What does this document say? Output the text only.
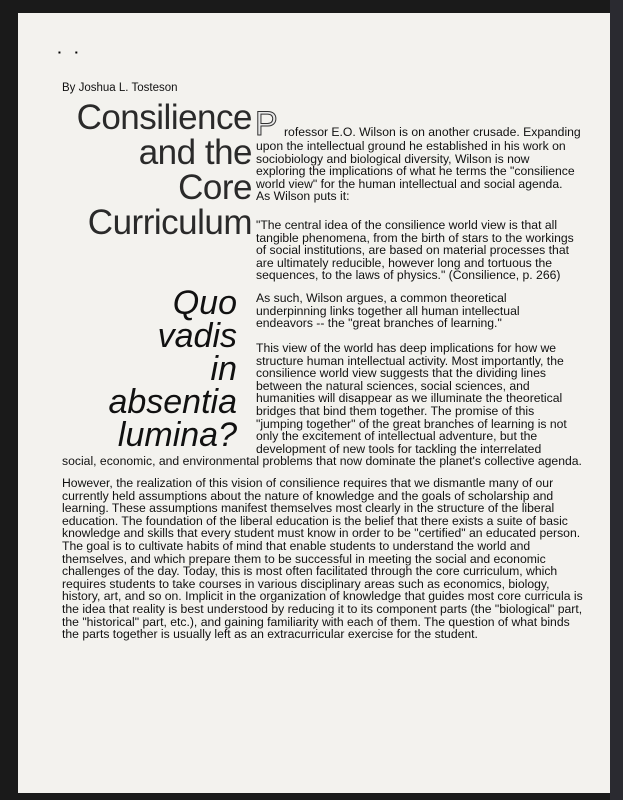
▪▪
By Joshua L. Tosteson
Consilience
and the
Core
Curriculum
Quo
vadis
in
absentia
lumina?
P rofessor E.O. Wilson is on another crusade. Expanding
upon the intellectual ground he established in his work on
sociobiology and biological diversity, Wilson is now
exploring the implications of what he terms the "consilience
world view" for the human intellectual and social agenda.
As Wilson puts it:
"The central idea of the consilience world view is that all
tangible phenomena, from the birth of stars to the workings
of social institutions, are based on material processes that
are ultimately reducible, however long and tortuous the
sequences, to the laws of physics." (Consilience, p. 266)
As such, Wilson argues, a common theoretical
underpinning links together all human intellectual
endeavors -- the "great branches of learning."
This view of the world has deep implications for how we
structure human intellectual activity. Most importantly, the
consilience world view suggests that the dividing lines
between the natural sciences, social sciences, and
humanities will disappear as we illuminate the theoretical
bridges that bind them together. The promise of this
"jumping together" of the great branches of learning is not
only the excitement of intellectual adventure, but the
development of new tools for tackling the interrelated
social, economic, and environmental problems that now dominate the planet's collective agenda.
However, the realization of this vision of consilience requires that we dismantle many of our
currently held assumptions about the nature of knowledge and the goals of scholarship and
learning. These assumptions manifest themselves most clearly in the structure of the liberal
education. The foundation of the liberal education is the belief that there exists a suite of basic
knowledge and skills that every student must know in order to be "certified" an educated person.
The goal is to cultivate habits of mind that enable students to understand the world and
themselves, and which prepare them to be successful in meeting the social and economic
challenges of the day. Today, this is most often facilitated through the core curriculum, which
requires students to take courses in various disciplinary areas such as economics, biology,
history, art, and so on. Implicit in the organization of knowledge that guides most core curricula is
the idea that reality is best understood by reducing it to its component parts (the "biological" part,
the "historical" part, etc.), and gaining familiarity with each of them. The question of what binds
the parts together is usually left as an extracurricular exercise for the student.
